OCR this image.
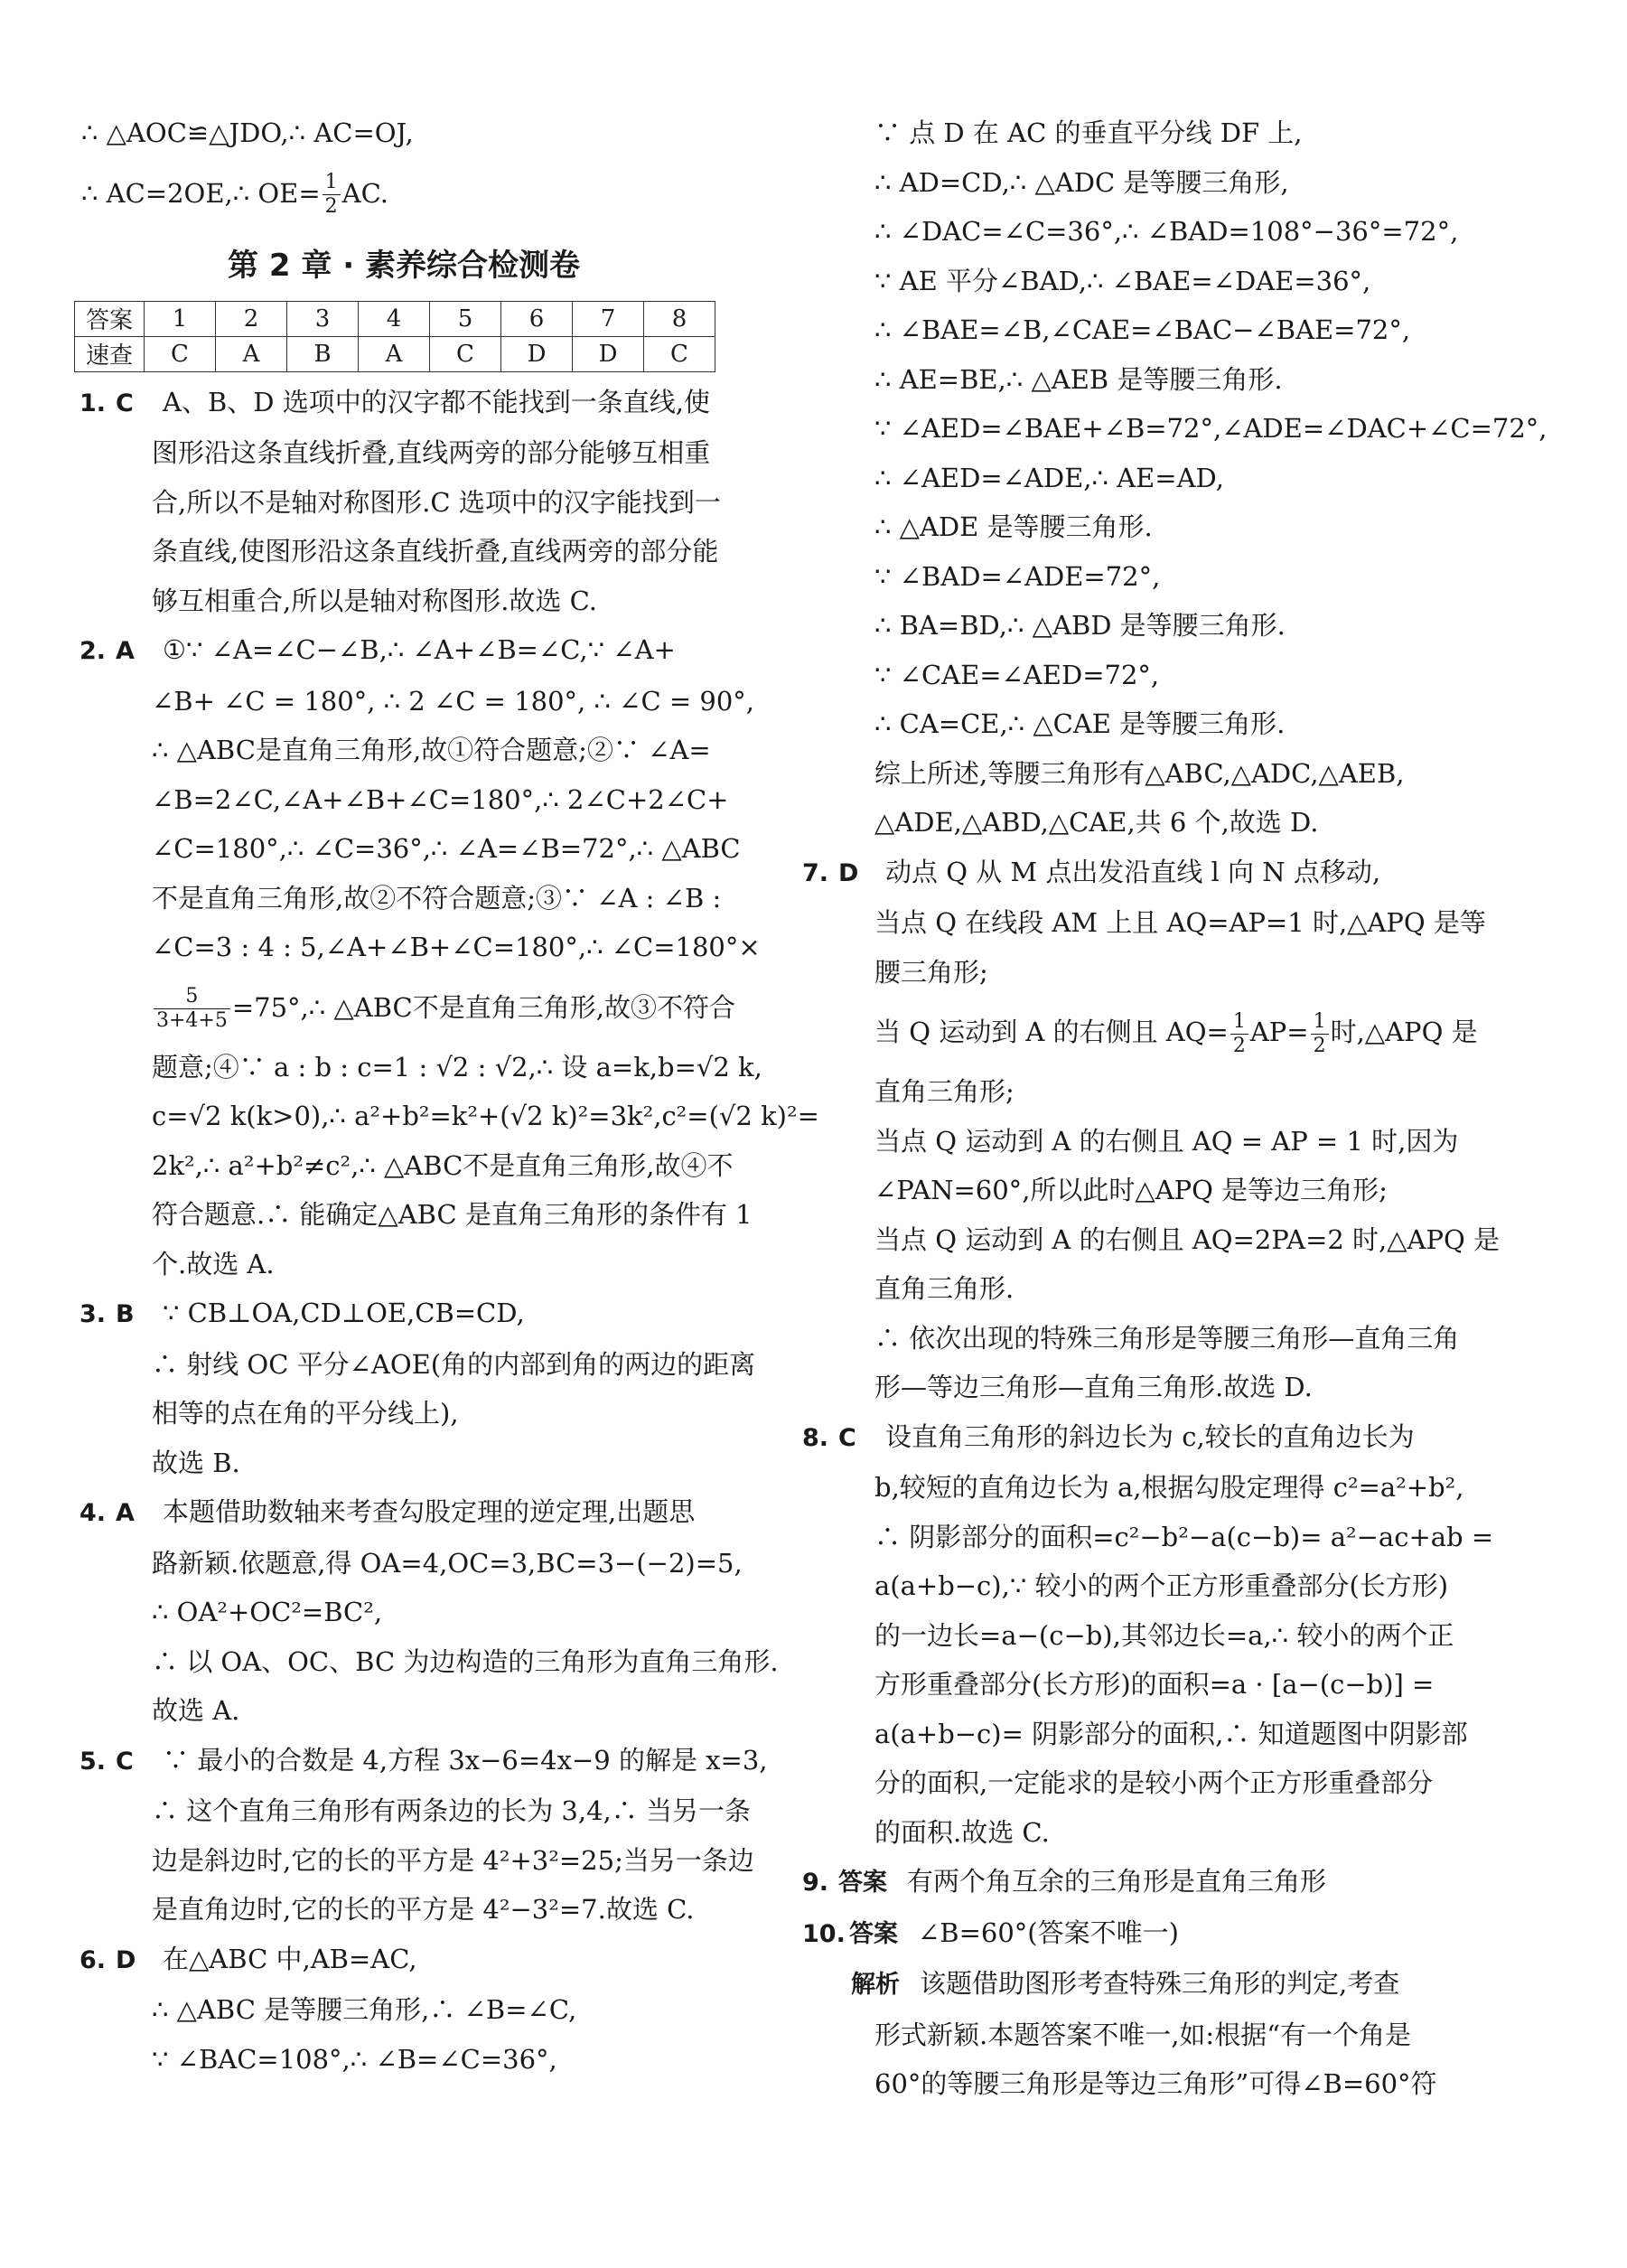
∴ △AOC≌△JDO,∴ AC=OJ,
∴ AC=2OE,∴ $OE= \frac{1}{2}$ AC.
第 2 章 · 素养综合检测卷
答案	1	2	3	4	5	6	7	8
速查	C	A	B	A	C	D	D	C
1. C A、B、D 选项中的汉字都不能找到一条直线,使
图形沿这条直线折叠,直线两旁的部分能够互相重
合,所以不是轴对称图形.C 选项中的汉字能找到一
条直线,使图形沿这条直线折叠,直线两旁的部分能
够互相重合,所以是轴对称图形.故选 C.
2. A ①∵ ∠A=∠C−∠B,∴ ∠A+∠B=∠C,∵ ∠A+
∠B+ ∠C = 180°, ∴ 2 ∠C = 180°, ∴ ∠C = 90°,
∴ △ABC是直角三角形,故①符合题意;②∵ ∠A=
∠B=2∠C,∠A+∠B+∠C=180°,∴ 2∠C+2∠C+
∠C=180°,∴ ∠C=36°,∴ ∠A=∠B=72°,∴ △ABC
不是直角三角形,故②不符合题意;③∵ ∠A : ∠B :
∠C=3 : 4 : 5,∠A+∠B+∠C=180°,∴ ∠C=180°×
$\frac{5}{3+4+5}$ =75°,∴ △ABC不是直角三角形,故③不符合
题意;④∵ a : b : c=1 : √2 : √2,∴ 设 a=k,b=√2 k,
c=√2 k(k>0),∴ a²+b²=k²+(√2 k)²=3k²,c²=(√2 k)²=
2k²,∴ a²+b²≠c²,∴ △ABC不是直角三角形,故④不
符合题意.∴ 能确定△ABC 是直角三角形的条件有 1
个.故选 A.
3. B ∵ CB⊥OA,CD⊥OE,CB=CD,
∴ 射线 OC 平分∠AOE(角的内部到角的两边的距离
相等的点在角的平分线上),
故选 B.
4. A 本题借助数轴来考查勾股定理的逆定理,出题思
路新颖.依题意,得 OA=4,OC=3,BC=3−(−2)=5,
∴ OA²+OC²=BC²,
∴ 以 OA、OC、BC 为边构造的三角形为直角三角形.
故选 A.
5. C ∵ 最小的合数是 4,方程 3x−6=4x−9 的解是 x=3,
∴ 这个直角三角形有两条边的长为 3,4,∴ 当另一条
边是斜边时,它的长的平方是 4²+3²=25;当另一条边
是直角边时,它的长的平方是 4²−3²=7.故选 C.
6. D 在△ABC 中,AB=AC,
∴ △ABC 是等腰三角形,∴ ∠B=∠C,
∵ ∠BAC=108°,∴ ∠B=∠C=36°,
∵ 点 D 在 AC 的垂直平分线 DF 上,
∴ AD=CD,∴ △ADC 是等腰三角形,
∴ ∠DAC=∠C=36°,∴ ∠BAD=108°−36°=72°,
∵ AE 平分∠BAD,∴ ∠BAE=∠DAE=36°,
∴ ∠BAE=∠B,∠CAE=∠BAC−∠BAE=72°,
∴ AE=BE,∴ △AEB 是等腰三角形.
∵ ∠AED=∠BAE+∠B=72°,∠ADE=∠DAC+∠C=72°,
∴ ∠AED=∠ADE,∴ AE=AD,
∴ △ADE 是等腰三角形.
∵ ∠BAD=∠ADE=72°,
∴ BA=BD,∴ △ABD 是等腰三角形.
∵ ∠CAE=∠AED=72°,
∴ CA=CE,∴ △CAE 是等腰三角形.
综上所述,等腰三角形有△ABC,△ADC,△AEB,
△ADE,△ABD,△CAE,共 6 个,故选 D.
7. D 动点 Q 从 M 点出发沿直线 l 向 N 点移动,
当点 Q 在线段 AM 上且 AQ=AP=1 时,△APQ 是等
腰三角形;
当 Q 运动到 A 的右侧且 $AQ= \frac{1}{2} AP= \frac{1}{2}$ 时,△APQ 是
直角三角形;
当点 Q 运动到 A 的右侧且 AQ = AP = 1 时,因为
∠PAN=60°,所以此时△APQ 是等边三角形;
当点 Q 运动到 A 的右侧且 AQ=2PA=2 时,△APQ 是
直角三角形.
∴ 依次出现的特殊三角形是等腰三角形—直角三角
形—等边三角形—直角三角形.故选 D.
8. C 设直角三角形的斜边长为 c,较长的直角边长为
b,较短的直角边长为 a,根据勾股定理得 c²=a²+b²,
∴ 阴影部分的面积=c²−b²−a(c−b)= a²−ac+ab =
a(a+b−c),∵ 较小的两个正方形重叠部分(长方形)
的一边长=a−(c−b),其邻边长=a,∴ 较小的两个正
方形重叠部分(长方形)的面积=a · [a−(c−b)] =
a(a+b−c)= 阴影部分的面积,∴ 知道题图中阴影部
分的面积,一定能求的是较小两个正方形重叠部分
的面积.故选 C.
9. 答案 有两个角互余的三角形是直角三角形
10. 答案 ∠B=60°(答案不唯一)
解析 该题借助图形考查特殊三角形的判定,考查
形式新颖.本题答案不唯一,如:根据“有一个角是
60°的等腰三角形是等边三角形”可得∠B=60°符
